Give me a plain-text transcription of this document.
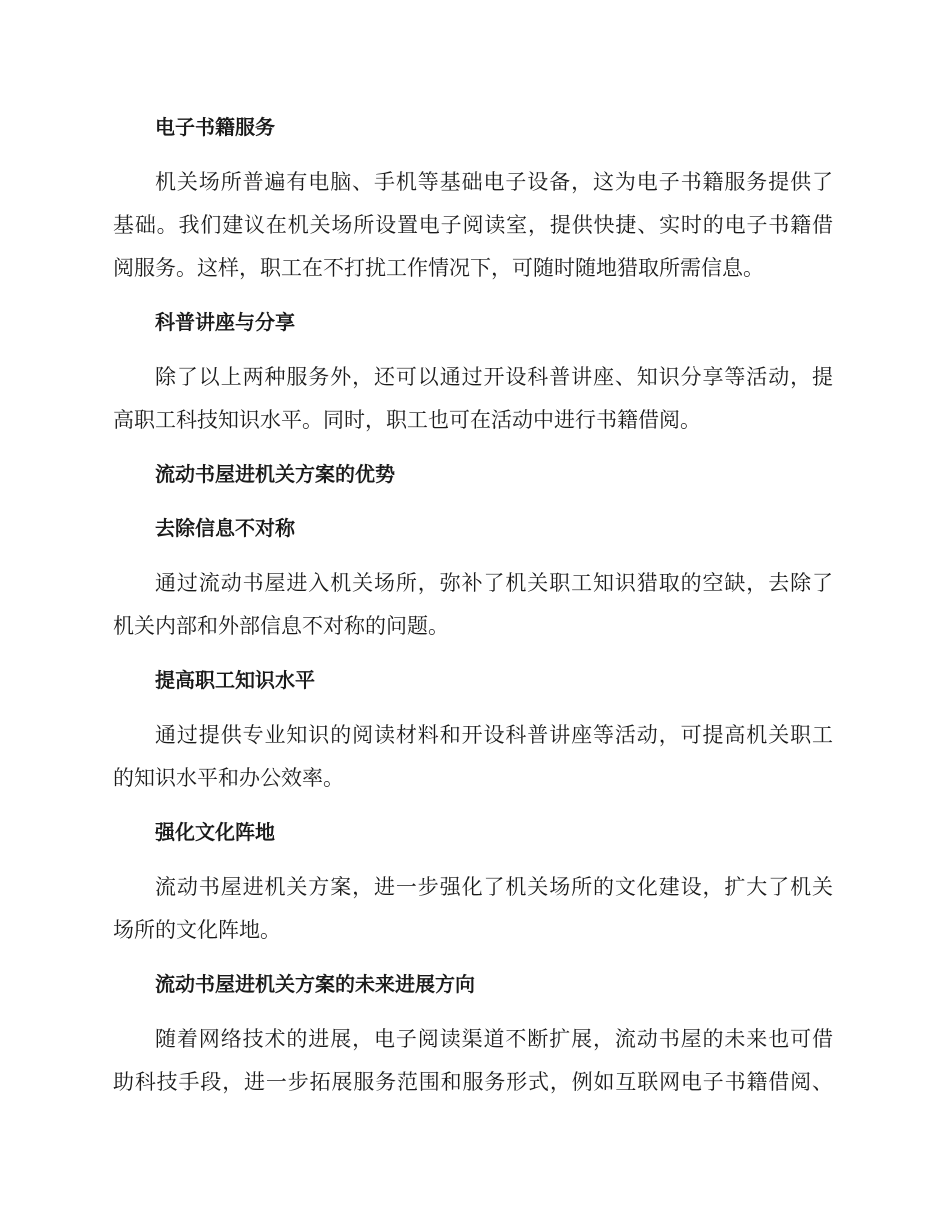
电子书籍服务
机关场所普遍有电脑、手机等基础电子设备，这为电子书籍服务提供了
基础。我们建议在机关场所设置电子阅读室，提供快捷、实时的电子书籍借
阅服务。这样，职工在不打扰工作情况下，可随时随地猎取所需信息。
科普讲座与分享
除了以上两种服务外，还可以通过开设科普讲座、知识分享等活动，提
高职工科技知识水平。同时，职工也可在活动中进行书籍借阅。
流动书屋进机关方案的优势
去除信息不对称
通过流动书屋进入机关场所，弥补了机关职工知识猎取的空缺，去除了
机关内部和外部信息不对称的问题。
提高职工知识水平
通过提供专业知识的阅读材料和开设科普讲座等活动，可提高机关职工
的知识水平和办公效率。
强化文化阵地
流动书屋进机关方案，进一步强化了机关场所的文化建设，扩大了机关
场所的文化阵地。
流动书屋进机关方案的未来进展方向
随着网络技术的进展，电子阅读渠道不断扩展，流动书屋的未来也可借
助科技手段，进一步拓展服务范围和服务形式，例如互联网电子书籍借阅、
